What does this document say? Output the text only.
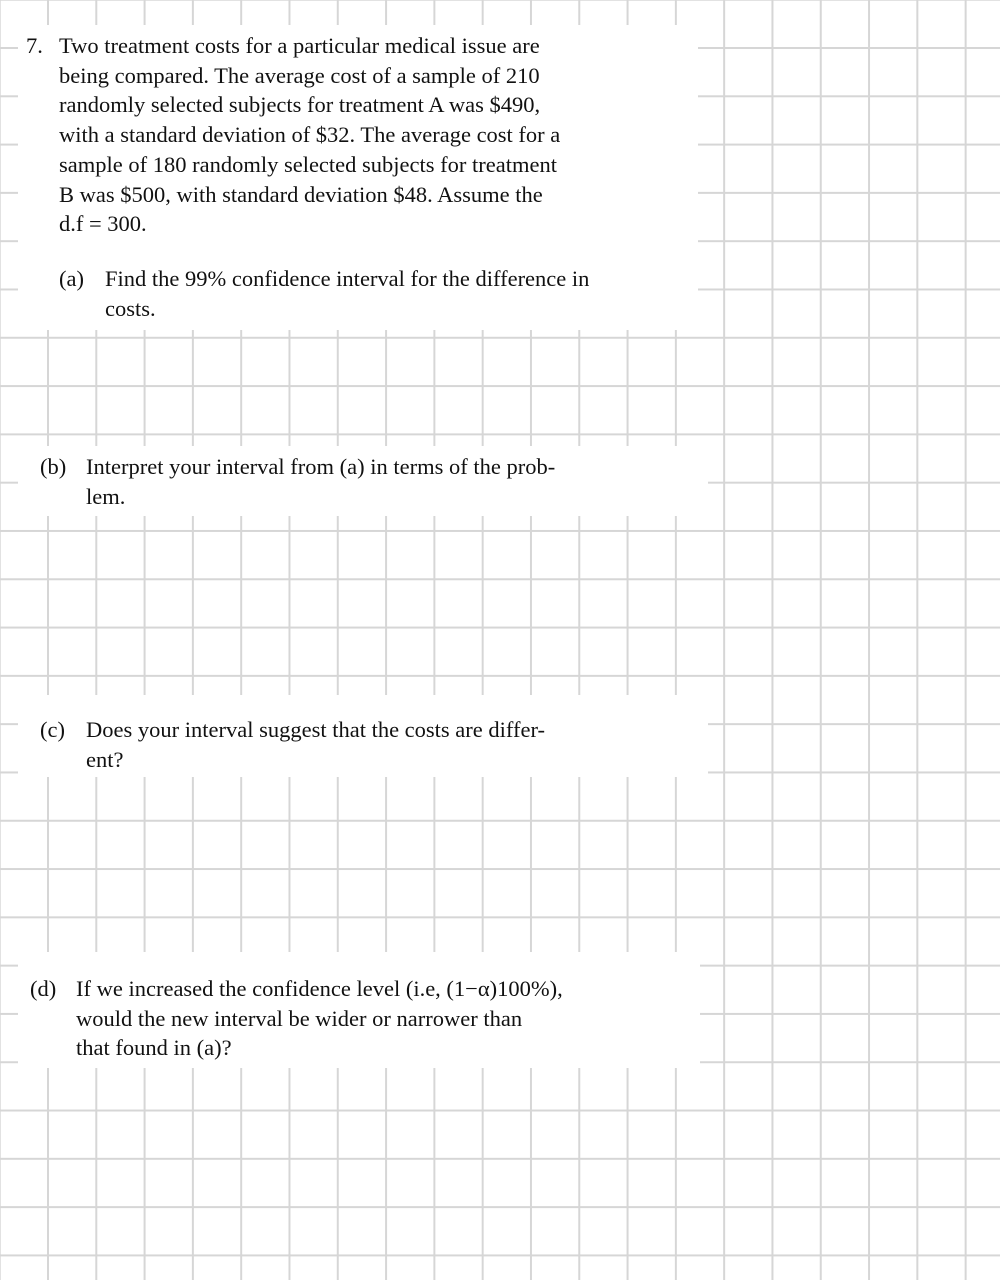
7. Two treatment costs for a particular medical issue are
being compared. The average cost of a sample of 210
randomly selected subjects for treatment A was $490,
with a standard deviation of $32. The average cost for a
sample of 180 randomly selected subjects for treatment
B was $500, with standard deviation $48. Assume the
d.f = 300.
(a) Find the 99% confidence interval for the difference in
costs.
(b) Interpret your interval from (a) in terms of the prob-
lem.
(c) Does your interval suggest that the costs are differ-
ent?
(d) If we increased the confidence level (i.e, (1−α)100%),
would the new interval be wider or narrower than
that found in (a)?
